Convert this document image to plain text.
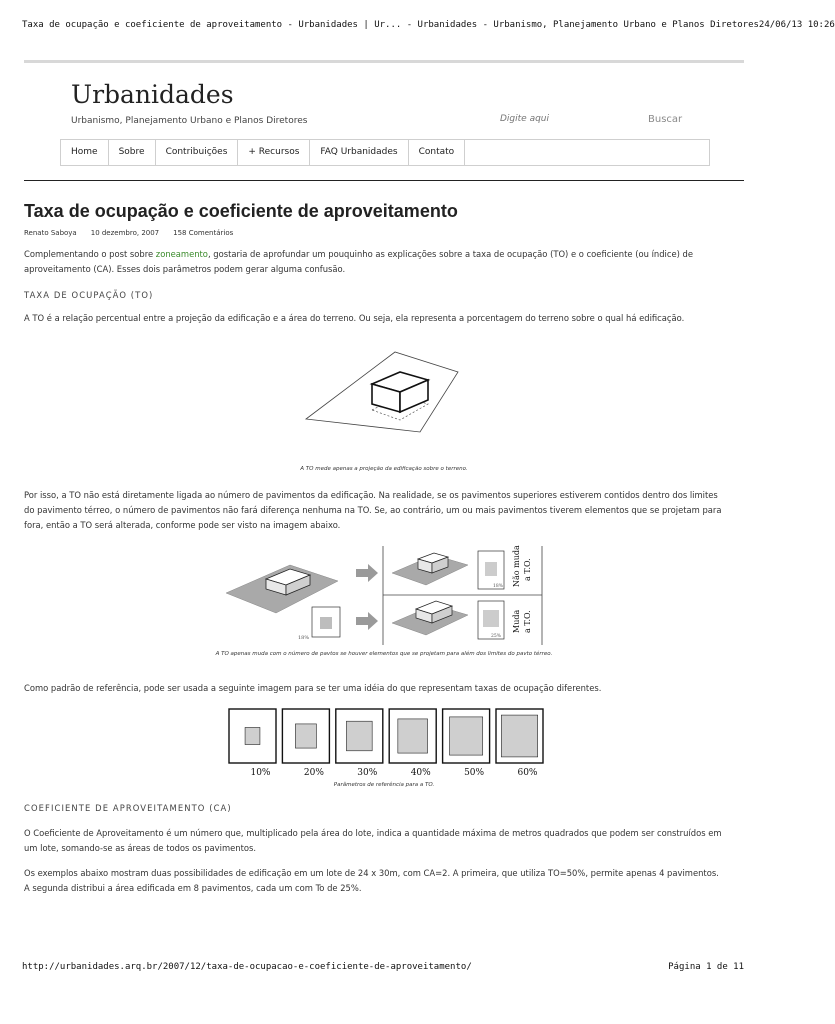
Taxa de ocupação e coeficiente de aproveitamento - Urbanidades | Ur... - Urbanidades - Urbanismo, Planejamento Urbano e Planos Diretores 24/06/13 10:26
Urbanidades
Urbanismo, Planejamento Urbano e Planos Diretores
Digite aqui	Buscar
Home	Sobre	Contribuições	+ Recursos	FAQ Urbanidades	Contato
Taxa de ocupação e coeficiente de aproveitamento
Renato Saboya 10 dezembro, 2007 158 Comentários

Complementando o post sobre zoneamento, gostaria de aprofundar um pouquinho as explicações sobre a taxa de ocupação (TO) e o coeficiente (ou índice) de aproveitamento (CA). Esses dois parâmetros podem gerar alguma confusão.

TAXA DE OCUPAÇÃO (TO)

A TO é a relação percentual entre a projeção da edificação e a área do terreno. Ou seja, ela representa a porcentagem do terreno sobre o qual há edificação.

A TO mede apenas a projeção da edificação sobre o terreno.

Por isso, a TO não está diretamente ligada ao número de pavimentos da edificação. Na realidade, se os pavimentos superiores estiverem contidos dentro dos limites do pavimento térreo, o número de pavimentos não fará diferença nenhuma na TO. Se, ao contrário, um ou mais pavimentos tiverem elementos que se projetam para fora, então a TO será alterada, conforme pode ser visto na imagem abaixo.

18%
18% Não muda a T.O.
25%
Muda a T.O.
A TO apenas muda com o número de pavtos se houver elementos que se projetam para além dos limites do pavto térreo.

Como padrão de referência, pode ser usada a seguinte imagem para se ter uma idéia do que representam taxas de ocupação diferentes.

10%	20%	30%	40%	50%	60%
Parâmetros de referência para a TO.
COEFICIENTE DE APROVEITAMENTO (CA)

O Coeficiente de Aproveitamento é um número que, multiplicado pela área do lote, indica a quantidade máxima de metros quadrados que podem ser construídos em um lote, somando-se as áreas de todos os pavimentos.

Os exemplos abaixo mostram duas possibilidades de edificação em um lote de 24 x 30m, com CA=2. A primeira, que utiliza TO=50%, permite apenas 4 pavimentos. A segunda distribui a área edificada em 8 pavimentos, cada um com To de 25%.

http://urbanidades.arq.br/2007/12/taxa-de-ocupacao-e-coeficiente-de-aproveitamento/	Página 1 de 11
